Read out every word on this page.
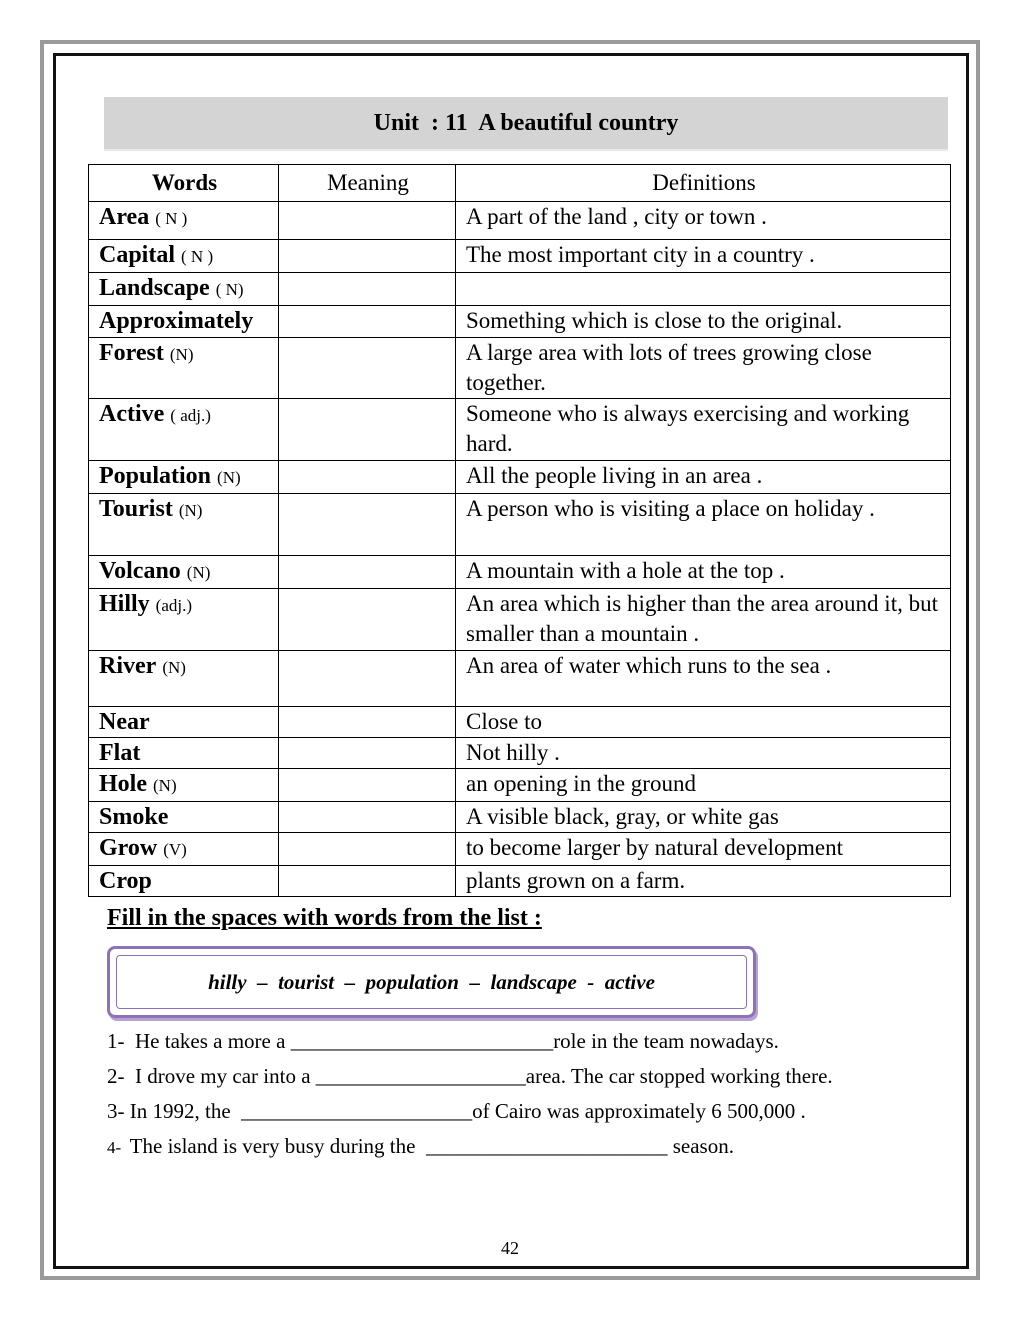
Unit  : 11  A beautiful country
Words	Meaning	Definitions
Area ( N )		A part of the land , city or town .
Capital ( N )		The most important city in a country .
Landscape ( N)		
Approximately		Something which is close to the original.
Forest (N)		A large area with lots of trees growing close together.
Active ( adj.)		Someone who is always exercising and working hard.
Population (N)		All the people living in an area .
Tourist (N)		A person who is visiting a place on holiday .
Volcano (N)		A mountain with a hole at the top .
Hilly (adj.)		An area which is higher than the area around it, but smaller than a mountain .
River (N)		An area of water which runs to the sea .
Near		Close to
Flat		Not hilly .
Hole (N)		an opening in the ground
Smoke		A visible black, gray, or white gas
Grow (V)		to become larger by natural development
Crop		plants grown on a farm.
Fill in the spaces with words from the list :
hilly  –  tourist  –  population  –  landscape  -  active
1-  He takes a more a _________________________role in the team nowadays.
2-  I drove my car into a ____________________area. The car stopped working there.
3- In 1992, the  ______________________of Cairo was approximately 6 500,000 .
4-  The island is very busy during the  _______________________ season.
42
